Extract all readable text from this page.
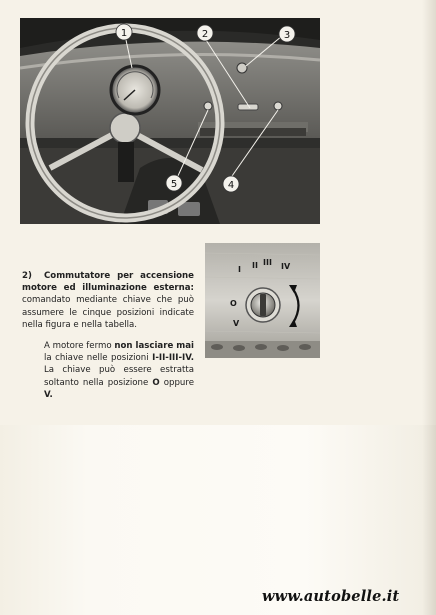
1	2	3
4
5

2) Commutatore per accensione motore ed illuminazione esterna: comandato mediante chiave che può assumere le cinque posizioni indicate nella figura e nella tabella.

A motore fermo non lasciare mai la chiave nelle posizioni I-II-III-IV. La chiave può essere estratta soltanto nella posizione O oppure V.

I II III IV
O
V
www.autobelle.it
